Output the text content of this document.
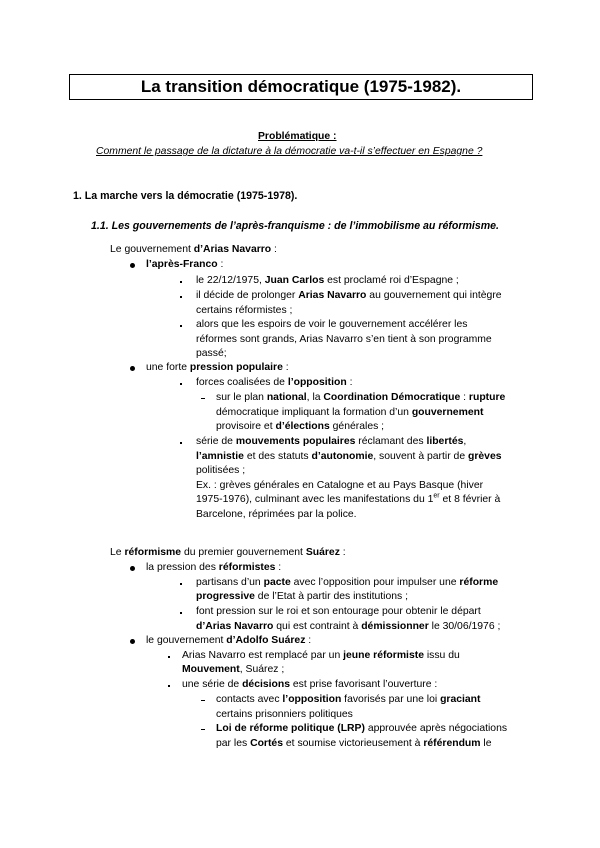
La transition démocratique (1975-1982).
Problématique :
Comment le passage de la dictature à la démocratie va-t-il s’effectuer en Espagne ?
1. La marche vers la démocratie (1975-1978).
1.1. Les gouvernements de l’après-franquisme : de l’immobilisme au réformisme.
Le gouvernement d’Arias Navarro :
l’après-Franco :
le 22/12/1975, Juan Carlos est proclamé roi d’Espagne ;
il décide de prolonger Arias Navarro au gouvernement qui intègre
certains réformistes ;
alors que les espoirs de voir le gouvernement accélérer les
réformes sont grands, Arias Navarro s’en tient à son programme
passé;
une forte pression populaire :
forces coalisées de l’opposition :
sur le plan national, la Coordination Démocratique : rupture
démocratique impliquant la formation d’un gouvernement
provisoire et d’élections générales ;
série de mouvements populaires réclamant des libertés,
l’amnistie et des statuts d’autonomie, souvent à partir de grèves
politisées ;
Ex. : grèves générales en Catalogne et au Pays Basque (hiver
1975-1976), culminant avec les manifestations du 1er et 8 février à
Barcelone, réprimées par la police.
Le réformisme du premier gouvernement Suárez :
la pression des réformistes :
partisans d’un pacte avec l’opposition pour impulser une réforme
progressive de l’Etat à partir des institutions ;
font pression sur le roi et son entourage pour obtenir le départ
d’Arias Navarro qui est contraint à démissionner le 30/06/1976 ;
le gouvernement d’Adolfo Suárez :
Arias Navarro est remplacé par un jeune réformiste issu du
Mouvement, Suárez ;
une série de décisions est prise favorisant l’ouverture :
contacts avec l’opposition favorisés par une loi graciant
certains prisonniers politiques
Loi de réforme politique (LRP) approuvée après négociations
par les Cortés et soumise victorieusement à référendum le
